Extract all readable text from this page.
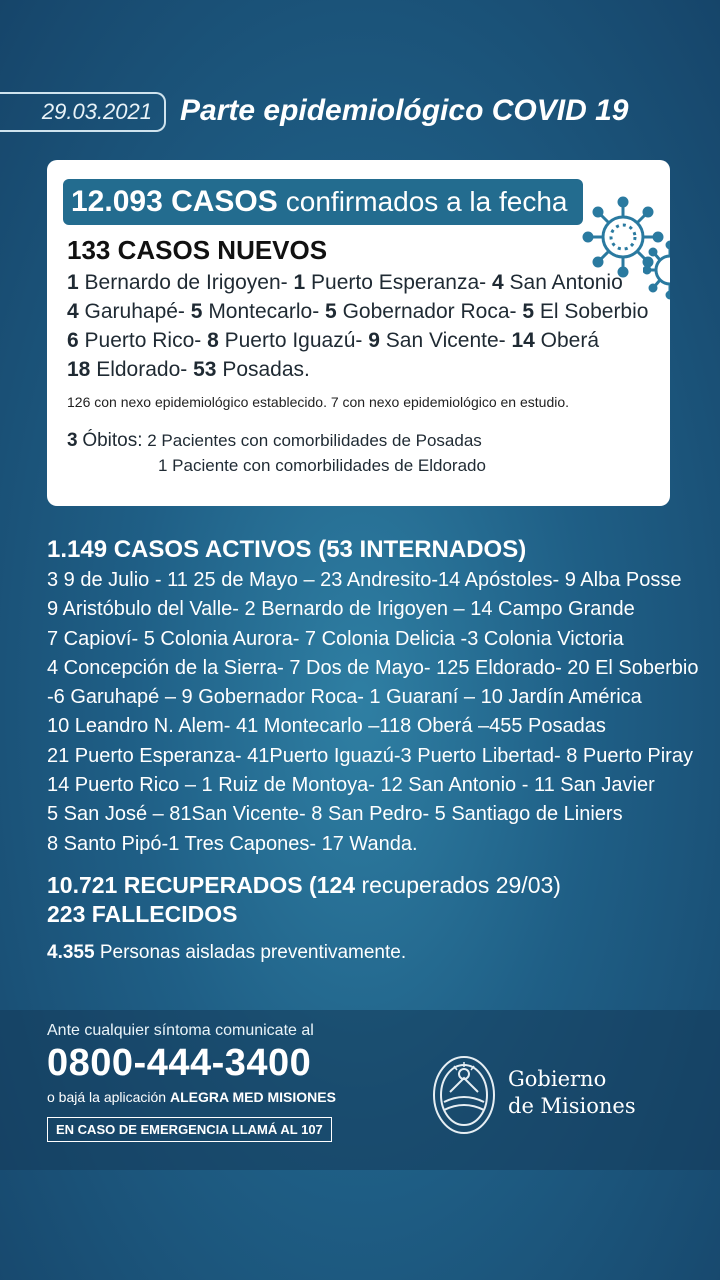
29.03.2021 Parte epidemiológico COVID 19
12.093 CASOS confirmados a la fecha
133 CASOS NUEVOS
1 Bernardo de Irigoyen- 1 Puerto Esperanza- 4 San Antonio
4 Garuhapé- 5 Montecarlo- 5 Gobernador Roca- 5 El Soberbio
6 Puerto Rico- 8 Puerto Iguazú- 9 San Vicente- 14 Oberá
18 Eldorado- 53 Posadas.
126 con nexo epidemiológico establecido. 7 con nexo epidemiológico en estudio.
3 Óbitos: 2 Pacientes con comorbilidades de Posadas
1 Paciente con comorbilidades de Eldorado
1.149 CASOS ACTIVOS (53 INTERNADOS)
3 9 de Julio - 11 25 de Mayo – 23 Andresito-14 Apóstoles- 9 Alba Posse
9 Aristóbulo del Valle- 2 Bernardo de Irigoyen – 14 Campo Grande
7 Capioví- 5 Colonia Aurora- 7 Colonia Delicia -3 Colonia Victoria
4 Concepción de la Sierra- 7 Dos de Mayo- 125 Eldorado- 20 El Soberbio
-6 Garuhapé – 9 Gobernador Roca- 1 Guaraní – 10 Jardín América
10 Leandro N. Alem- 41 Montecarlo –118 Oberá –455 Posadas
21 Puerto Esperanza- 41Puerto Iguazú-3 Puerto Libertad- 8 Puerto Piray
14 Puerto Rico – 1 Ruiz de Montoya- 12 San Antonio - 11 San Javier
5 San José – 81San Vicente- 8 San Pedro- 5 Santiago de Liniers
8 Santo Pipó-1 Tres Capones- 17 Wanda.
10.721 RECUPERADOS (124 recuperados 29/03)
223 FALLECIDOS
4.355 Personas aisladas preventivamente.
Ante cualquier síntoma comunicate al
0800-444-3400
o bajá la aplicación ALEGRA MED MISIONES
EN CASO DE EMERGENCIA LLAMÁ AL 107
Gobierno
de Misiones
